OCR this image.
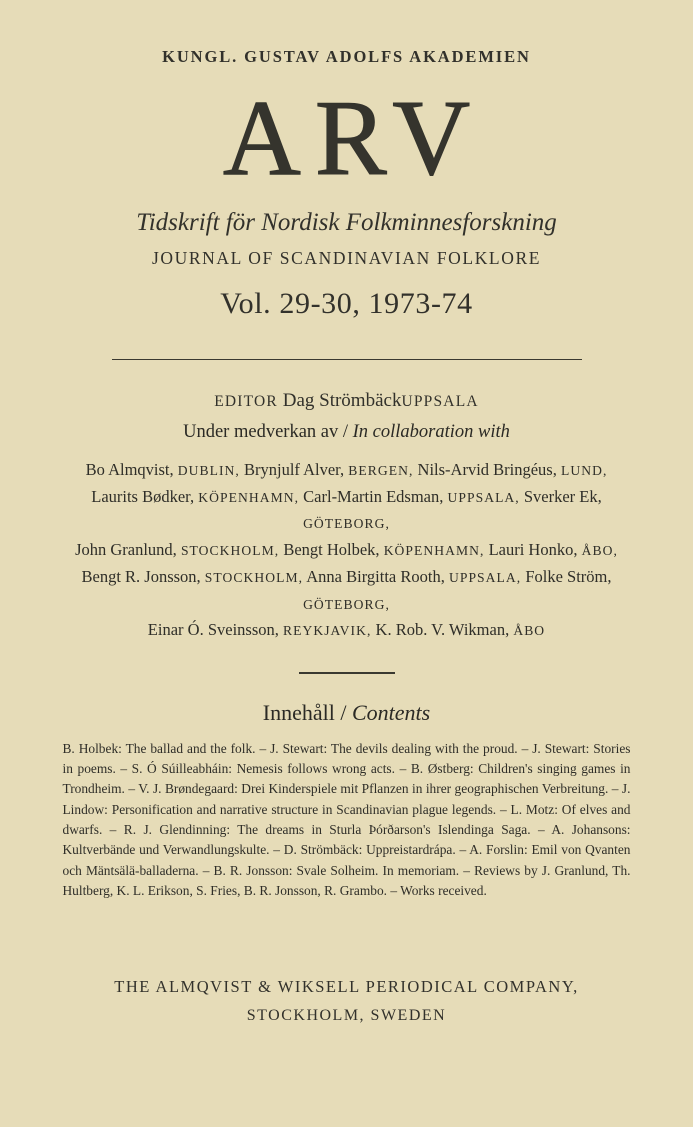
KUNGL. GUSTAV ADOLFS AKADEMIEN
ARV
Tidskrift för Nordisk Folkminnesforskning
JOURNAL OF SCANDINAVIAN FOLKLORE
Vol. 29-30, 1973-74
EDITOR Dag StrömbäckUPPSALA
Under medverkan av / In collaboration with
Bo Almqvist, DUBLIN, Brynjulf Alver, BERGEN, Nils-Arvid Bringéus, LUND,
Laurits Bødker, KÖPENHAMN, Carl-Martin Edsman, UPPSALA, Sverker Ek, GÖTEBORG,
John Granlund, STOCKHOLM, Bengt Holbek, KÖPENHAMN, Lauri Honko, ÅBO,
Bengt R. Jonsson, STOCKHOLM, Anna Birgitta Rooth, UPPSALA, Folke Ström, GÖTEBORG,
Einar Ó. Sveinsson, REYKJAVIK, K. Rob. V. Wikman, ÅBO
Innehåll / Contents
B. Holbek: The ballad and the folk. – J. Stewart: The devils dealing with the proud. – J. Stewart: Stories in poems. – S. Ó Súilleabháin: Nemesis follows wrong acts. – B. Østberg: Children's singing games in Trondheim. – V. J. Brøndegaard: Drei Kinderspiele mit Pflanzen in ihrer geographischen Verbreitung. – J. Lindow: Personification and narrative structure in Scandinavian plague legends. – L. Motz: Of elves and dwarfs. – R. J. Glendinning: The dreams in Sturla Þórðarson's Islendinga Saga. – A. Johansons: Kultverbände und Verwandlungskulte. – D. Strömbäck: Uppreistardrápa. – A. Forslin: Emil von Qvanten och Mäntsälä-balladerna. – B. R. Jonsson: Svale Solheim. In memoriam. – Reviews by J. Granlund, Th. Hultberg, K. L. Erikson, S. Fries, B. R. Jonsson, R. Grambo. – Works received.
THE ALMQVIST & WIKSELL PERIODICAL COMPANY,
STOCKHOLM, SWEDEN
